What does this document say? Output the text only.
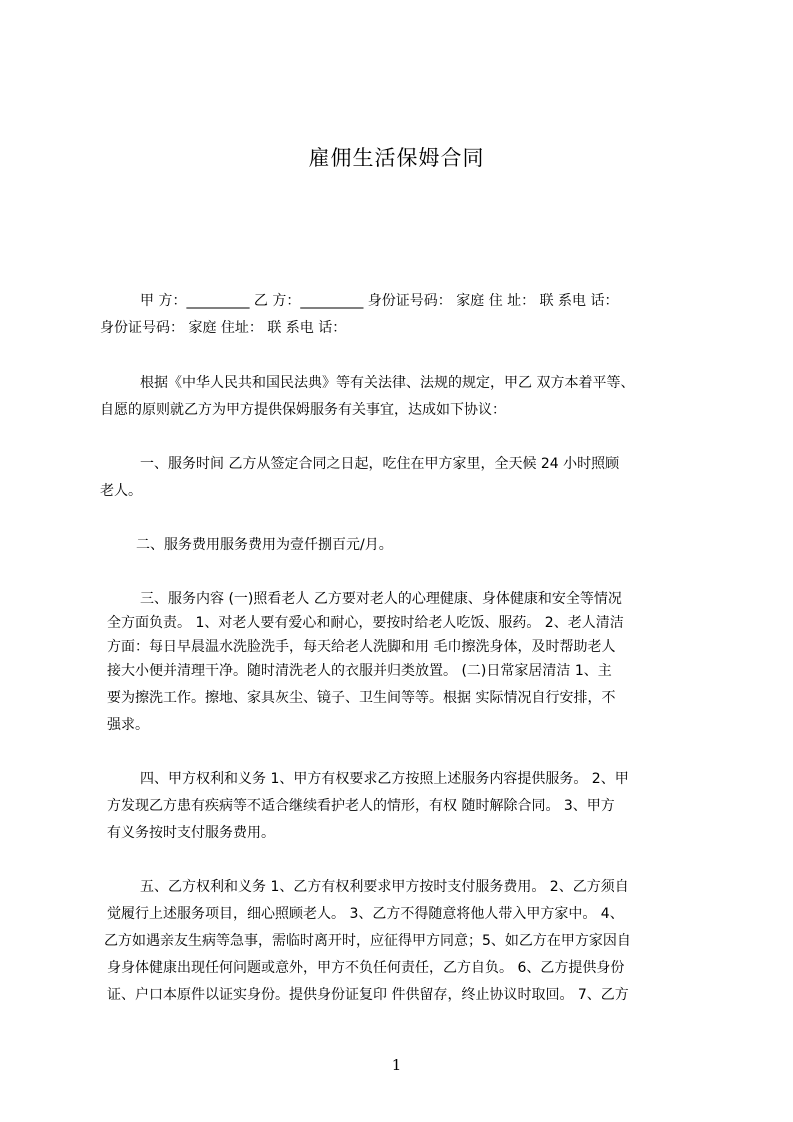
雇佣生活保姆合同
甲 方：_________ 乙 方：_________ 身份证号码： 家庭 住 址： 联 系电 话：
身份证号码： 家庭 住址： 联 系电 话：
根据《中华人民共和国民法典》等有关法律、法规的规定，甲乙 双方本着平等、
自愿的原则就乙方为甲方提供保姆服务有关事宜，达成如下协议：
一、服务时间 乙方从签定合同之日起，吃住在甲方家里，全天候 24 小时照顾
老人。
二、服务费用服务费用为壹仟捌百元/月。
三、服务内容 (一)照看老人 乙方要对老人的心理健康、身体健康和安全等情况
全方面负责。 1、对老人要有爱心和耐心，要按时给老人吃饭、服药。 2、老人清洁
方面：每日早晨温水洗脸洗手，每天给老人洗脚和用 毛巾擦洗身体，及时帮助老人
接大小便并清理干净。随时清洗老人的衣服并归类放置。 (二)日常家居清洁 1、主
要为擦洗工作。擦地、家具灰尘、镜子、卫生间等等。根据 实际情况自行安排，不
强求。
四、甲方权利和义务 1、甲方有权要求乙方按照上述服务内容提供服务。 2、甲
方发现乙方患有疾病等不适合继续看护老人的情形，有权 随时解除合同。 3、甲方
有义务按时支付服务费用。
五、乙方权利和义务 1、乙方有权利要求甲方按时支付服务费用。 2、乙方须自
觉履行上述服务项目，细心照顾老人。 3、乙方不得随意将他人带入甲方家中。 4、
乙方如遇亲友生病等急事，需临时离开时，应征得甲方同意；5、如乙方在甲方家因自
身身体健康出现任何问题或意外，甲方不负任何责任，乙方自负。 6、乙方提供身份
证、户口本原件以证实身份。提供身份证复印 件供留存，终止协议时取回。 7、乙方
1
